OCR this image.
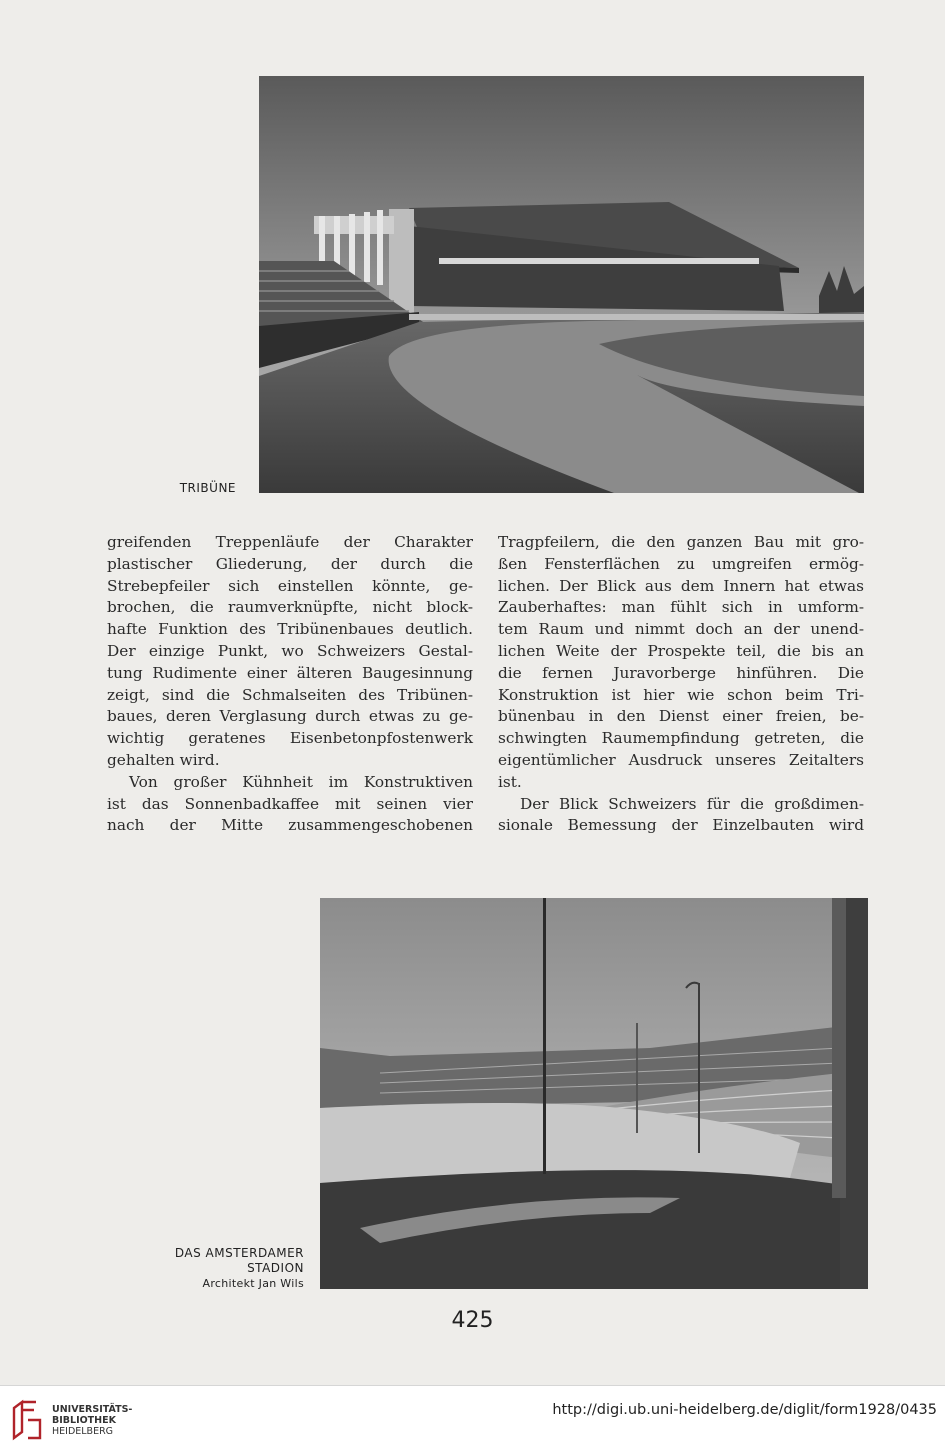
TRIBÜNE
greifenden Treppenläufe der Charakter
plastischer Gliederung, der durch die
Strebepfeiler sich einstellen könnte, ge-
brochen, die raumverknüpfte, nicht block-
hafte Funktion des Tribünenbaues deutlich.
Der einzige Punkt, wo Schweizers Gestal-
tung Rudimente einer älteren Baugesinnung
zeigt, sind die Schmalseiten des Tribünen-
baues, deren Verglasung durch etwas zu ge-
wichtig geratenes Eisenbetonpfostenwerk
gehalten wird.
Von großer Kühnheit im Konstruktiven
ist das Sonnenbadkaffee mit seinen vier
nach der Mitte zusammengeschobenen
Tragpfeilern, die den ganzen Bau mit gro-
ßen Fensterflächen zu umgreifen ermög-
lichen. Der Blick aus dem Innern hat etwas
Zauberhaftes: man fühlt sich in umform-
tem Raum und nimmt doch an der unend-
lichen Weite der Prospekte teil, die bis an
die fernen Juravorberge hinführen. Die
Konstruktion ist hier wie schon beim Tri-
bünenbau in den Dienst einer freien, be-
schwingten Raumempfindung getreten, die
eigentümlicher Ausdruck unseres Zeitalters
ist.
Der Blick Schweizers für die großdimen-
sionale Bemessung der Einzelbauten wird
DAS AMSTERDAMER
STADION
Architekt Jan Wils
425
UNIVERSITÄTS-
BIBLIOTHEK
HEIDELBERG
http://digi.ub.uni-heidelberg.de/diglit/form1928/0435
